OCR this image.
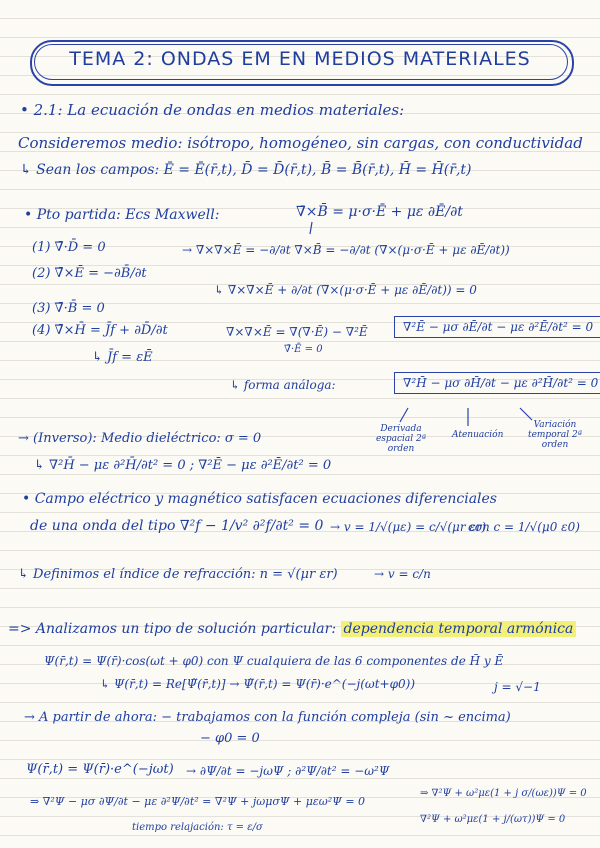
TEMA 2: ONDAS EM EN MEDIOS MATERIALES
• 2.1: La ecuación de ondas en medios materiales:
Consideremos medio: isótropo, homogéneo, sin cargas, con conductividad
↳ Sean los campos: Ē = Ē(r̄,t), D̄ = D̄(r̄,t), B̄ = B̄(r̄,t), H̄ = H̄(r̄,t)
• Pto partida: Ecs Maxwell:	∇̄×B̄ = μ·σ·Ē + με ∂Ē/∂t
(1) ∇̄·D̄ = 0
(2) ∇̄×Ē = −∂B̄/∂t
(3) ∇̄·B̄ = 0
(4) ∇̄×H̄ = J̄f + ∂D̄/∂t
↳ J̄f = εĒ
→ ∇̄×∇̄×Ē = −∂/∂t ∇̄×B̄ = −∂/∂t (∇̄×(μ·σ·Ē + με ∂Ē/∂t))
↳ ∇̄×∇̄×Ē + ∂/∂t (∇̄×(μ·σ·Ē + με ∂Ē/∂t)) = 0
∇̄×∇̄×Ē = ∇̄(∇̄·Ē) − ∇²Ē
∇̄·Ē = 0
∇²Ē − μσ ∂Ē/∂t − με ∂²Ē/∂t² = 0
↳ forma análoga:	∇²H̄ − μσ ∂H̄/∂t − με ∂²H̄/∂t² = 0
Derivada espacial 2ª orden
Atenuación
Variación temporal 2ª orden
→ (Inverso): Medio dieléctrico: σ = 0
↳ ∇²H̄ − με ∂²H̄/∂t² = 0 ; ∇²Ē − με ∂²Ē/∂t² = 0
• Campo eléctrico y magnético satisfacen ecuaciones diferenciales
de una onda del tipo ∇²f − 1/v² ∂²f/∂t² = 0 → v = 1/√(με) = c/√(μr εr)
con c = 1/√(μ0 ε0)
↳ Definimos el índice de refracción: n = √(μr εr)	→ v = c/n
=> Analizamos un tipo de solución particular: dependencia temporal armónica
Ψ(r̄,t) = Ψ(r̄)·cos(ωt + φ0) con Ψ cualquiera de las 6 componentes de H̄ y Ē
↳ Ψ(r̄,t) = Re[Ψ̃(r̄,t)] → Ψ̃(r̄,t) = Ψ(r̄)·e^(−j(ωt+φ0))	j = √−1
→ A partir de ahora: − trabajamos con la función compleja (sin ~ encima)
− φ0 = 0
Ψ(r̄,t) = Ψ(r̄)·e^(−jωt) → ∂Ψ/∂t = −jωΨ ; ∂²Ψ/∂t² = −ω²Ψ
⇒ ∇²Ψ − μσ ∂Ψ/∂t − με ∂²Ψ/∂t² = ∇²Ψ + jωμσΨ + μεω²Ψ = 0
⇒ ∇²Ψ + ω²με(1 + j σ/(ωε))Ψ = 0
∇²Ψ + ω²με(1 + j/(ωτ))Ψ = 0
tiempo relajación: τ = ε/σ
